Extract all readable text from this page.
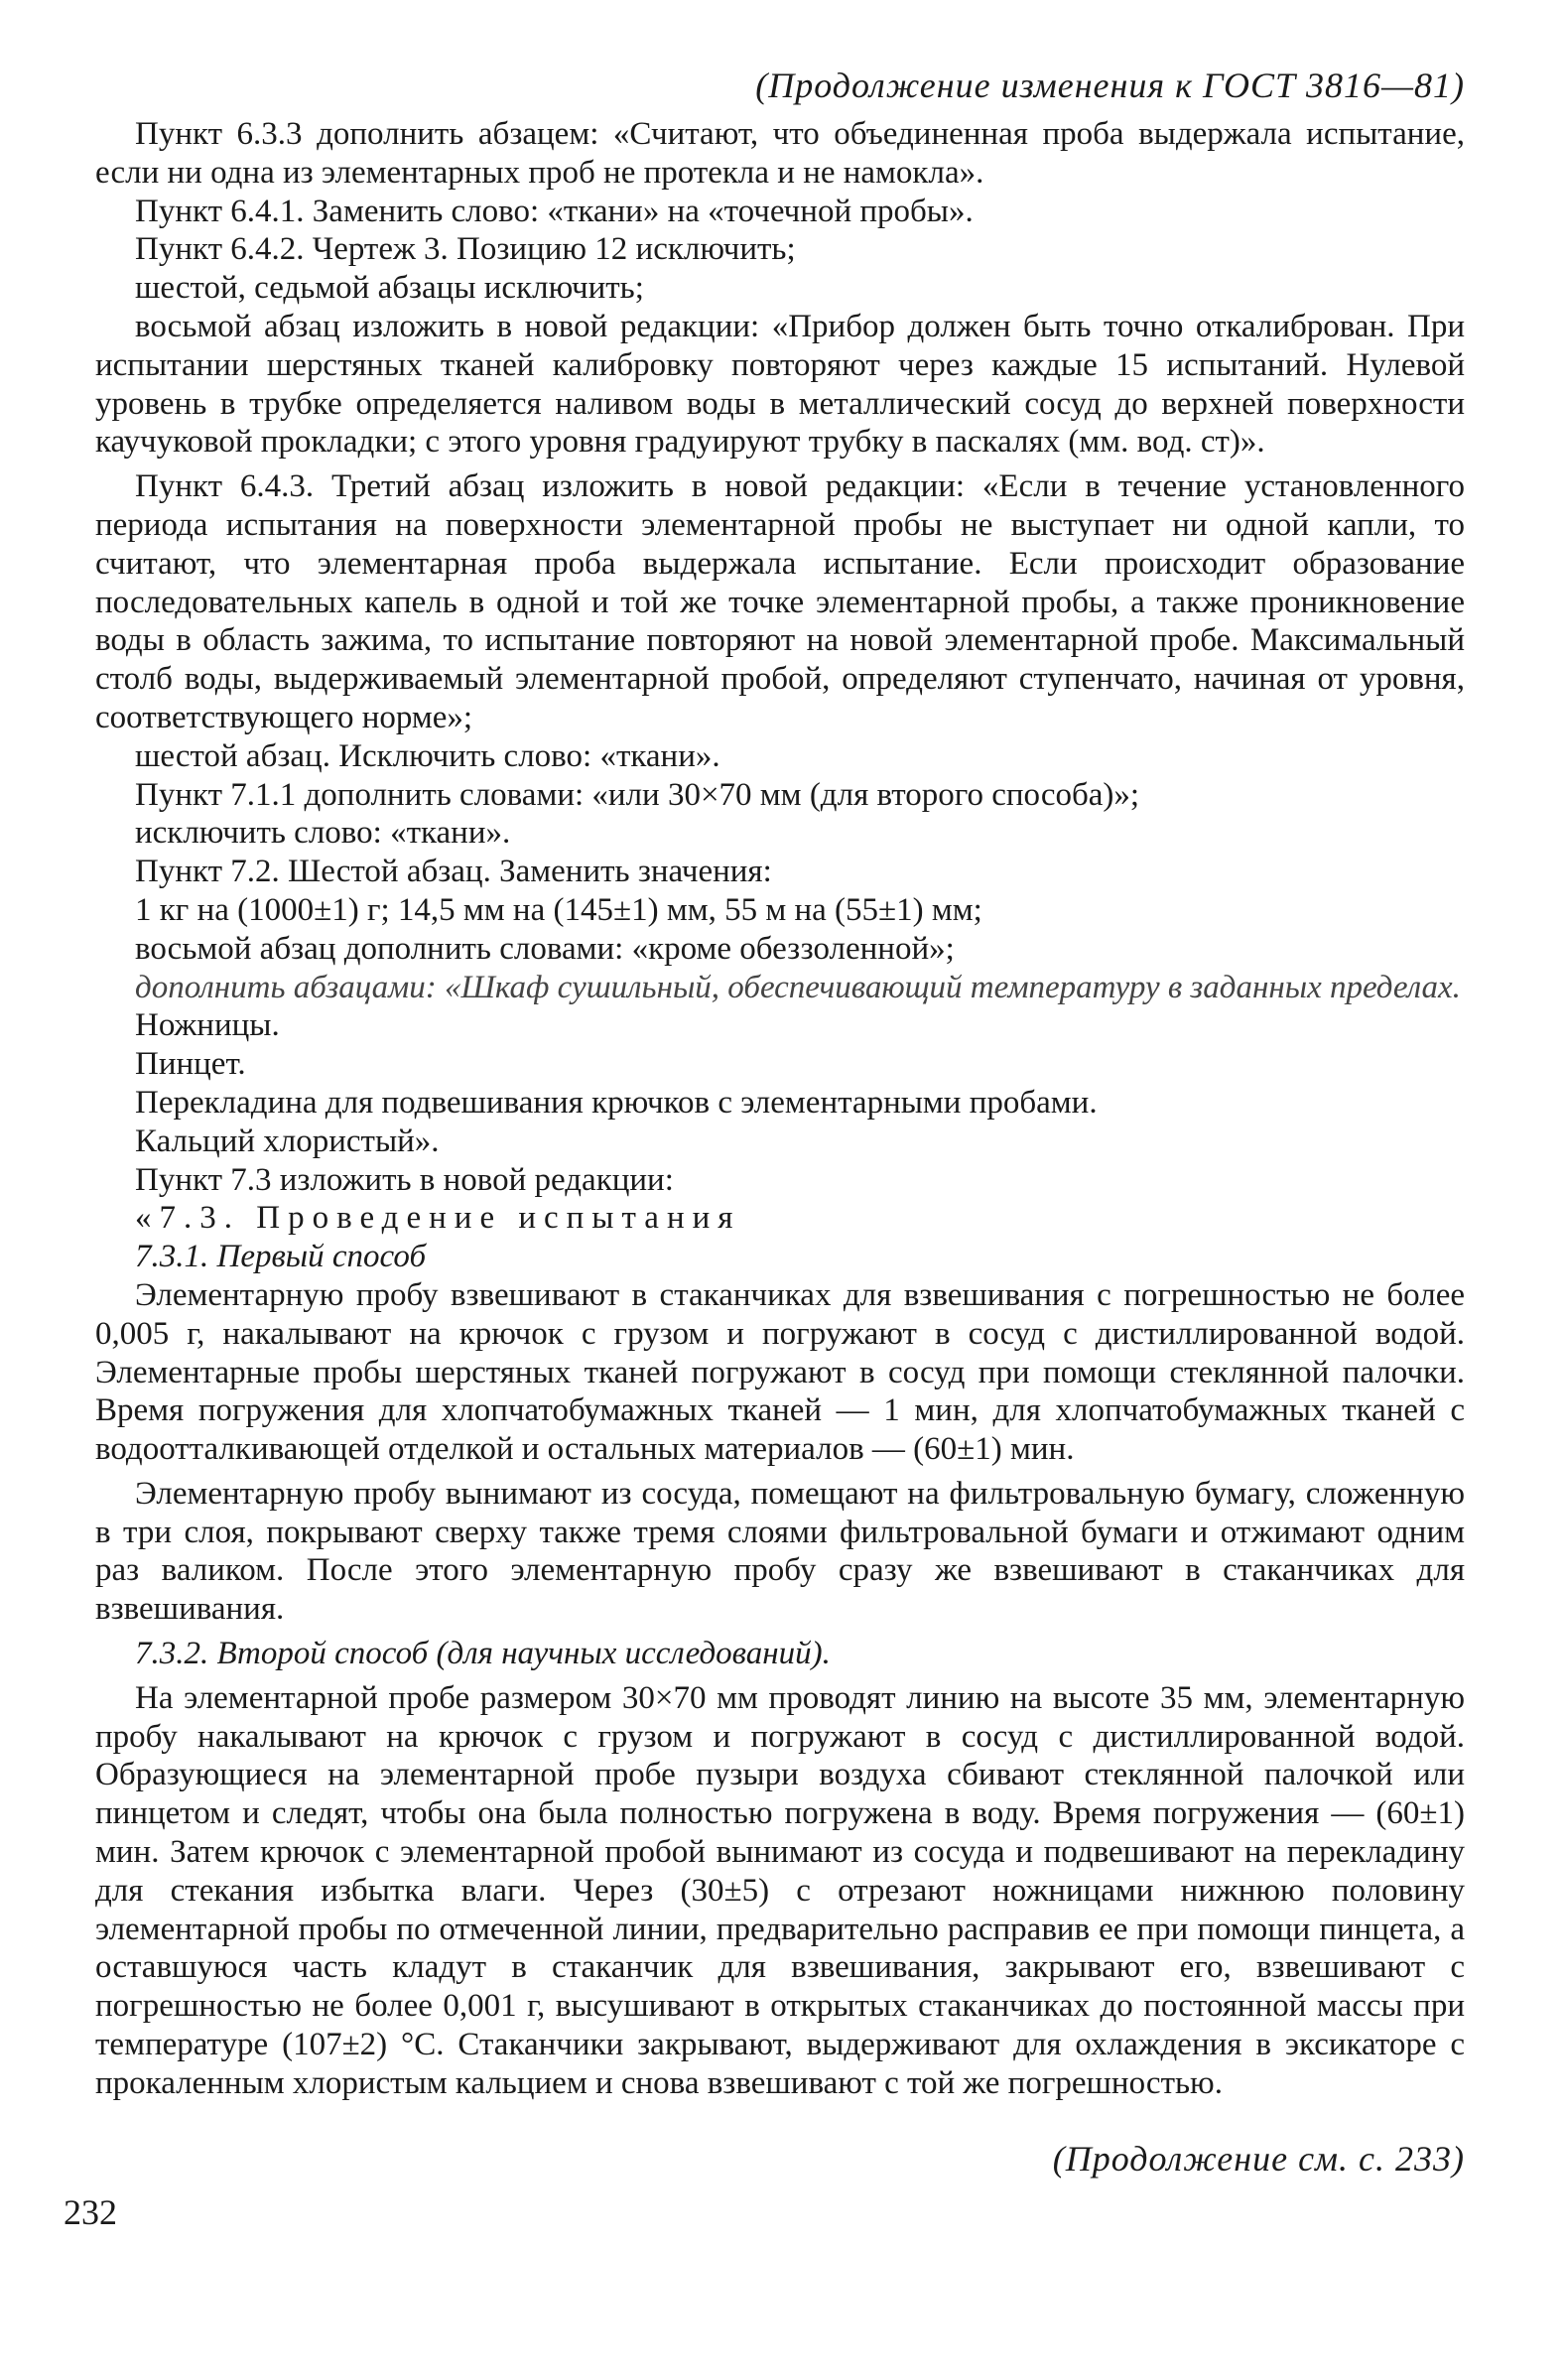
(Продолжение изменения к ГОСТ 3816—81)

Пункт 6.3.3 дополнить абзацем: «Считают, что объединенная проба выдержала испытание, если ни одна из элементарных проб не протекла и не намокла».

Пункт 6.4.1. Заменить слово: «ткани» на «точечной пробы».

Пункт 6.4.2. Чертеж 3. Позицию 12 исключить;

шестой, седьмой абзацы исключить;

восьмой абзац изложить в новой редакции: «Прибор должен быть точно откалиброван. При испытании шерстяных тканей калибровку повторяют через каждые 15 испытаний. Нулевой уровень в трубке определяется наливом воды в металлический сосуд до верхней поверхности каучуковой прокладки; с этого уровня градуируют трубку в паскалях (мм. вод. ст)».

Пункт 6.4.3. Третий абзац изложить в новой редакции: «Если в течение установленного периода испытания на поверхности элементарной пробы не выступает ни одной капли, то считают, что элементарная проба выдержала испытание. Если происходит образование последовательных капель в одной и той же точке элементарной пробы, а также проникновение воды в область зажима, то испытание повторяют на новой элементарной пробе. Максимальный столб воды, выдерживаемый элементарной пробой, определяют ступенчато, начиная от уровня, соответствующего норме»;

шестой абзац. Исключить слово: «ткани».

Пункт 7.1.1 дополнить словами: «или 30×70 мм (для второго способа)»;

исключить слово: «ткани».

Пункт 7.2. Шестой абзац. Заменить значения:

1 кг на (1000±1) г; 14,5 мм на (145±1) мм, 55 м на (55±1) мм;

восьмой абзац дополнить словами: «кроме обеззоленной»;

дополнить абзацами: «Шкаф сушильный, обеспечивающий температуру в заданных пределах.

Ножницы.

Пинцет.

Перекладина для подвешивания крючков с элементарными пробами.

Кальций хлористый».

Пункт 7.3 изложить в новой редакции:

«7.3. Проведение испытания

7.3.1. Первый способ

Элементарную пробу взвешивают в стаканчиках для взвешивания с погрешностью не более 0,005 г, накалывают на крючок с грузом и погружают в сосуд с дистиллированной водой. Элементарные пробы шерстяных тканей погружают в сосуд при помощи стеклянной палочки. Время погружения для хлопчатобумажных тканей — 1 мин, для хлопчатобумажных тканей с водоотталкивающей отделкой и остальных материалов — (60±1) мин.

Элементарную пробу вынимают из сосуда, помещают на фильтровальную бумагу, сложенную в три слоя, покрывают сверху также тремя слоями фильтровальной бумаги и отжимают одним раз валиком. После этого элементарную пробу сразу же взвешивают в стаканчиках для взвешивания.

7.3.2. Второй способ (для научных исследований).

На элементарной пробе размером 30×70 мм проводят линию на высоте 35 мм, элементарную пробу накалывают на крючок с грузом и погружают в сосуд с дистиллированной водой. Образующиеся на элементарной пробе пузыри воздуха сбивают стеклянной палочкой или пинцетом и следят, чтобы она была полностью погружена в воду. Время погружения — (60±1) мин. Затем крючок с элементарной пробой вынимают из сосуда и подвешивают на перекладину для стекания избытка влаги. Через (30±5) с отрезают ножницами нижнюю половину элементарной пробы по отмеченной линии, предварительно расправив ее при помощи пинцета, а оставшуюся часть кладут в стаканчик для взвешивания, закрывают его, взвешивают с погрешностью не более 0,001 г, высушивают в открытых стаканчиках до постоянной массы при температуре (107±2) °С. Стаканчики закрывают, выдерживают для охлаждения в эксикаторе с прокаленным хлористым кальцием и снова взвешивают с той же погрешностью.

(Продолжение см. с. 233)
232
